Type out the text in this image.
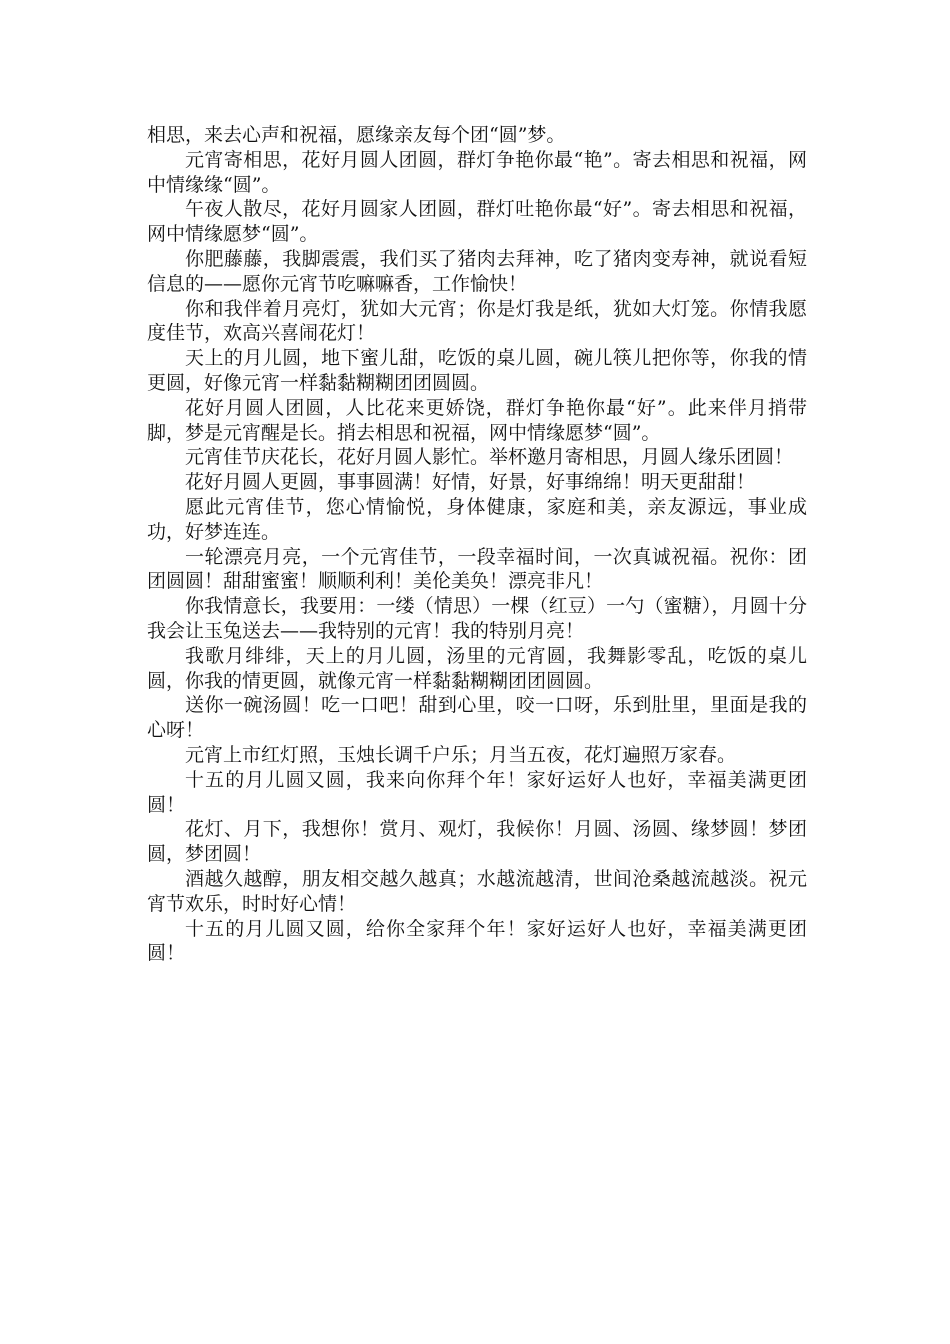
相思，来去心声和祝福，愿缘亲友每个团“圆”梦。

元宵寄相思，花好月圆人团圆，群灯争艳你最“艳”。寄去相思和祝福，网中情缘缘“圆”。

午夜人散尽，花好月圆家人团圆，群灯吐艳你最“好”。寄去相思和祝福，网中情缘愿梦“圆”。

你肥藤藤，我脚震震，我们买了猪肉去拜神，吃了猪肉变寿神，就说看短信息的——愿你元宵节吃嘛嘛香，工作愉快！

你和我伴着月亮灯，犹如大元宵；你是灯我是纸，犹如大灯笼。你情我愿度佳节，欢高兴喜闹花灯！

天上的月儿圆，地下蜜儿甜，吃饭的桌儿圆，碗儿筷儿把你等，你我的情更圆，好像元宵一样黏黏糊糊团团圆圆。

花好月圆人团圆，人比花来更娇饶，群灯争艳你最“好”。此来伴月捎带脚，梦是元宵醒是长。捎去相思和祝福，网中情缘愿梦“圆”。

元宵佳节庆花长，花好月圆人影忙。举杯邀月寄相思，月圆人缘乐团圆！

花好月圆人更圆，事事圆满！好情，好景，好事绵绵！明天更甜甜！

愿此元宵佳节，您心情愉悦，身体健康，家庭和美，亲友源远，事业成功，好梦连连。

一轮漂亮月亮，一个元宵佳节，一段幸福时间，一次真诚祝福。祝你：团团圆圆！甜甜蜜蜜！顺顺利利！美伦美奂！漂亮非凡！

你我情意长，我要用：一缕（情思）一棵（红豆）一勺（蜜糖），月圆十分我会让玉兔送去——我特别的元宵！我的特别月亮！

我歌月绯绯，天上的月儿圆，汤里的元宵圆，我舞影零乱，吃饭的桌儿圆，你我的情更圆，就像元宵一样黏黏糊糊团团圆圆。

送你一碗汤圆！吃一口吧！甜到心里，咬一口呀，乐到肚里，里面是我的心呀！

元宵上市红灯照，玉烛长调千户乐；月当五夜，花灯遍照万家春。

十五的月儿圆又圆，我来向你拜个年！家好运好人也好，幸福美满更团圆！

花灯、月下，我想你！赏月、观灯，我候你！月圆、汤圆、缘梦圆！梦团圆，梦团圆！

酒越久越醇，朋友相交越久越真；水越流越清，世间沧桑越流越淡。祝元宵节欢乐，时时好心情！

十五的月儿圆又圆，给你全家拜个年！家好运好人也好，幸福美满更团圆！
